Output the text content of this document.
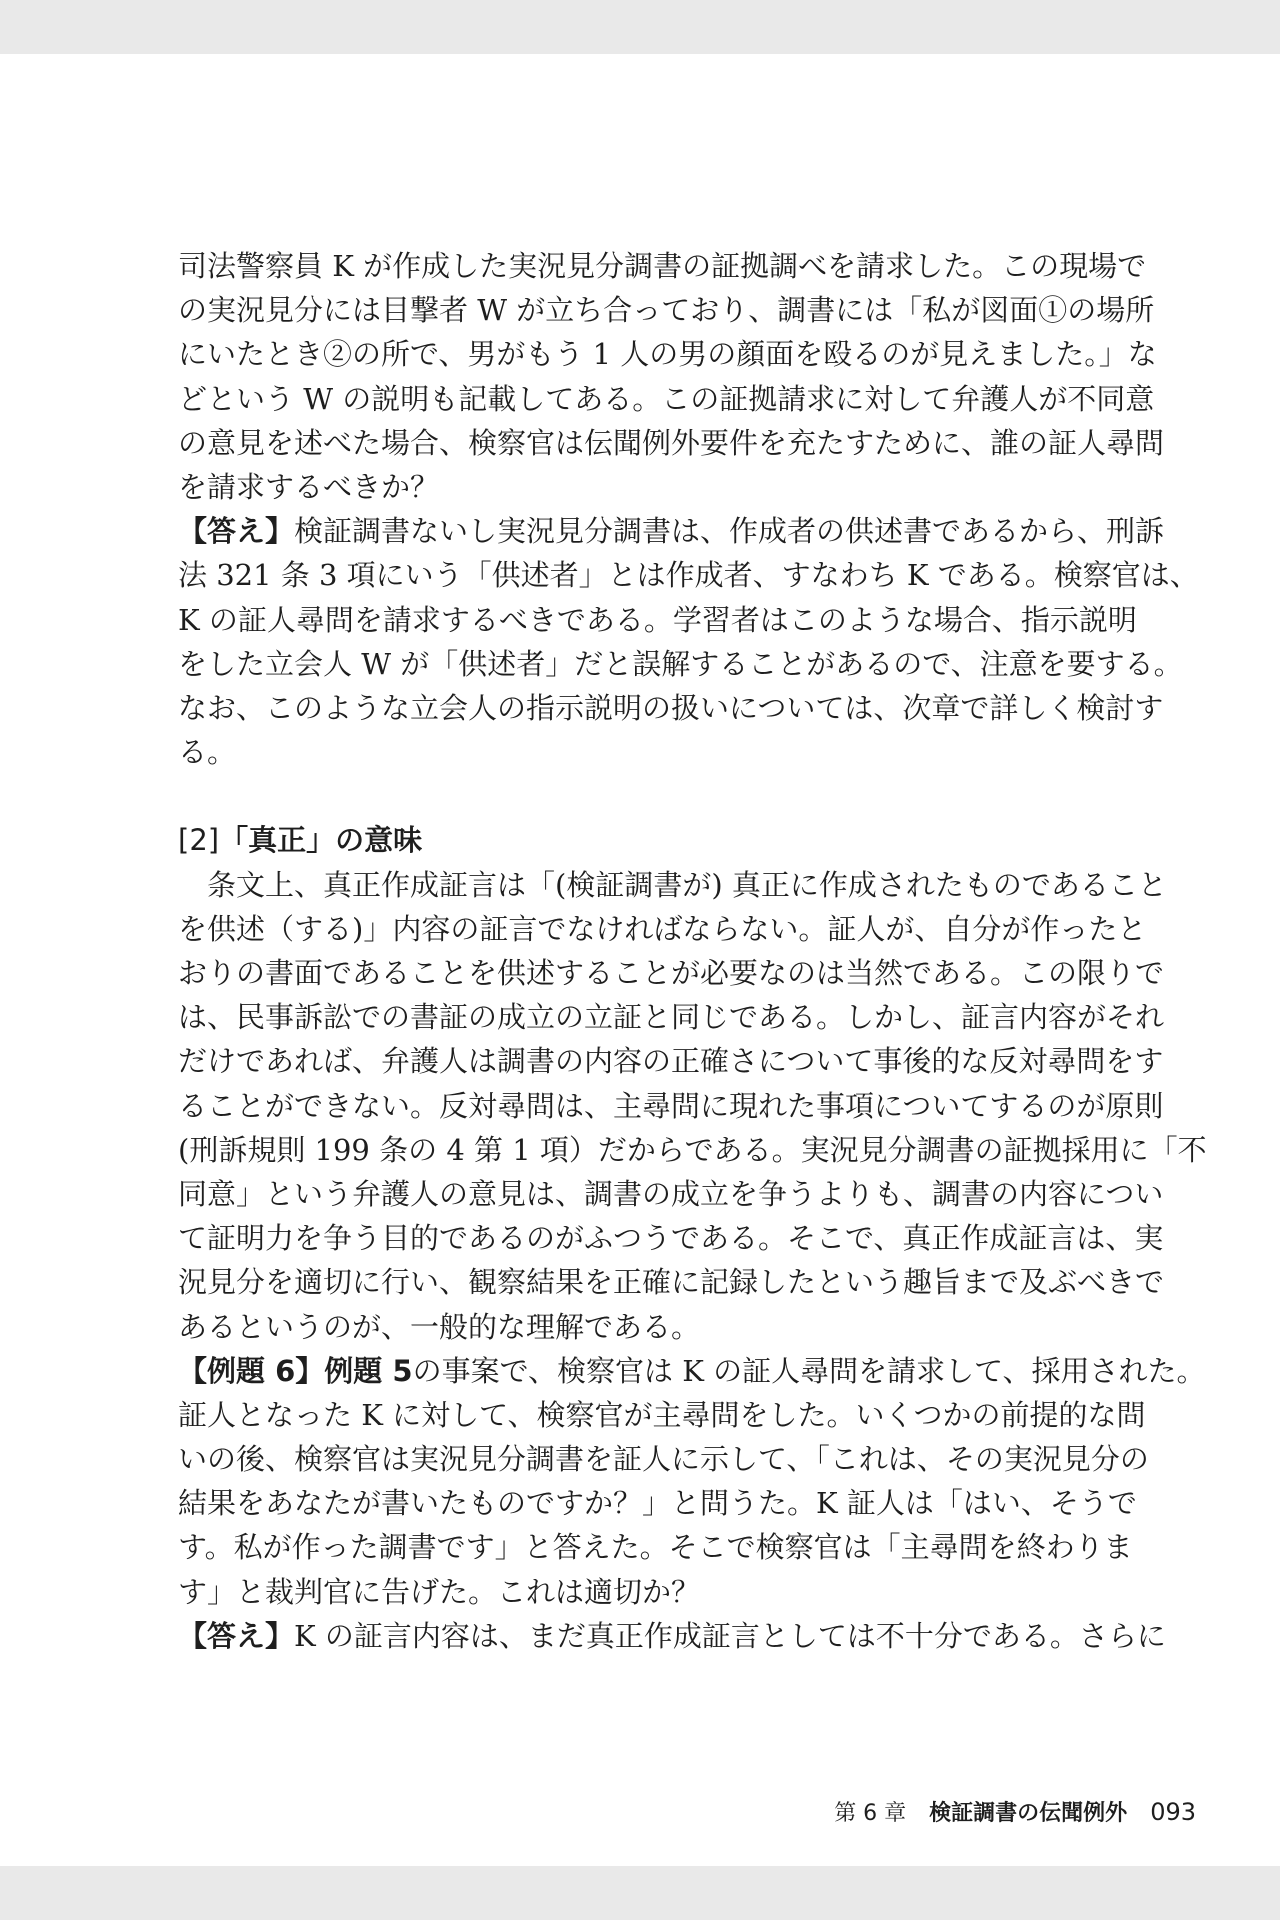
司法警察員 K が作成した実況見分調書の証拠調べを請求した。この現場で
の実況見分には目撃者 W が立ち合っており、調書には「私が図面①の場所
にいたとき②の所で、男がもう 1 人の男の顔面を殴るのが見えました。」な
どという W の説明も記載してある。この証拠請求に対して弁護人が不同意
の意見を述べた場合、検察官は伝聞例外要件を充たすために、誰の証人尋問
を請求するべきか？
【答え】検証調書ないし実況見分調書は、作成者の供述書であるから、刑訴
法 321 条 3 項にいう「供述者」とは作成者、すなわち K である。検察官は、
K の証人尋問を請求するべきである。学習者はこのような場合、指示説明
をした立会人 W が「供述者」だと誤解することがあるので、注意を要する。
なお、このような立会人の指示説明の扱いについては、次章で詳しく検討す
る。
[2]「真正」の意味
　条文上、真正作成証言は「(検証調書が) 真正に作成されたものであること
を供述（する)」内容の証言でなければならない。証人が、自分が作ったと
おりの書面であることを供述することが必要なのは当然である。この限りで
は、民事訴訟での書証の成立の立証と同じである。しかし、証言内容がそれ
だけであれば、弁護人は調書の内容の正確さについて事後的な反対尋問をす
ることができない。反対尋問は、主尋問に現れた事項についてするのが原則
(刑訴規則 199 条の 4 第 1 項）だからである。実況見分調書の証拠採用に「不
同意」という弁護人の意見は、調書の成立を争うよりも、調書の内容につい
て証明力を争う目的であるのがふつうである。そこで、真正作成証言は、実
況見分を適切に行い、観察結果を正確に記録したという趣旨まで及ぶべきで
あるというのが、一般的な理解である。
【例題 6】例題 5の事案で、検察官は K の証人尋問を請求して、採用された。
証人となった K に対して、検察官が主尋問をした。いくつかの前提的な問
いの後、検察官は実況見分調書を証人に示して、「これは、その実況見分の
結果をあなたが書いたものですか？」と問うた。K 証人は「はい、そうで
す。私が作った調書です」と答えた。そこで検察官は「主尋問を終わりま
す」と裁判官に告げた。これは適切か？
【答え】K の証言内容は、まだ真正作成証言としては不十分である。さらに
第 6 章 検証調書の伝聞例外 093
